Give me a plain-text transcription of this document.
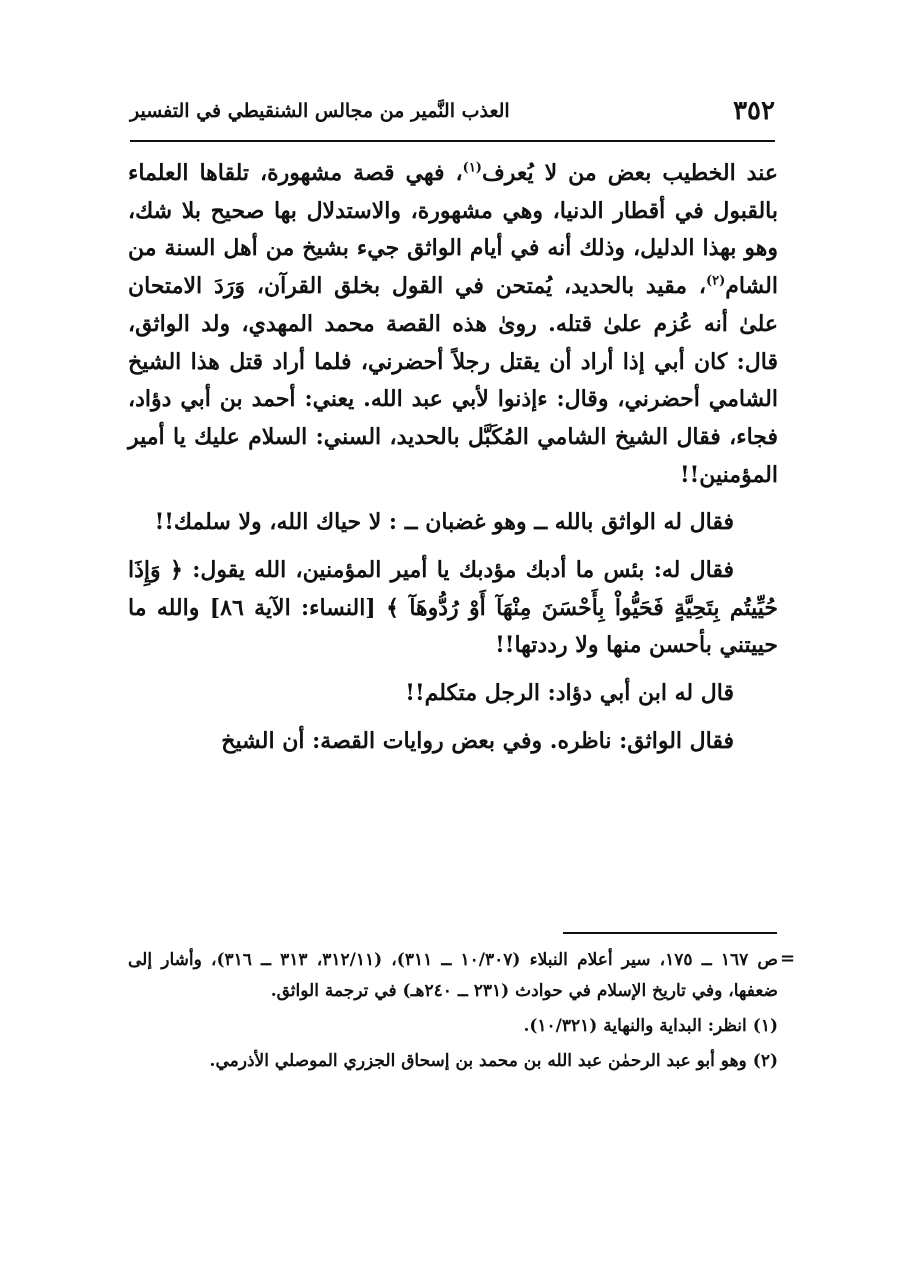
٣٥٢
العذب النَّمير من مجالس الشنقيطي في التفسير

عند الخطيب بعض من لا يُعرف$^{(١)}$، فهي قصة مشهورة، تلقاها العلماء بالقبول في أقطار الدنيا، وهي مشهورة، والاستدلال بها صحيح بلا شك، وهو بهذا الدليل، وذلك أنه في أيام الواثق جيء بشيخ من أهل السنة من الشام$^{(٢)}$، مقيد بالحديد، يُمتحن في القول بخلق القرآن، وَرَدَ الامتحان علىٰ أنه عُزم علىٰ قتله. روىٰ هذه القصة محمد المهدي، ولد الواثق، قال: كان أبي إذا أراد أن يقتل رجلاً أحضرني، فلما أراد قتل هذا الشيخ الشامي أحضرني، وقال: ءإذنوا لأبي عبد الله. يعني: أحمد بن أبي دؤاد، فجاء، فقال الشيخ الشامي المُكَبَّل بالحديد، السني: السلام عليك يا أمير المؤمنين!!

فقال له الواثق بالله ــ وهو غضبان ــ : لا حياك الله، ولا سلمك!!

فقال له: بئس ما أدبك مؤدبك يا أمير المؤمنين، الله يقول: ﴿ وَإِذَا حُيِّيتُم بِتَحِيَّةٍ فَحَيُّواْ بِأَحْسَنَ مِنْهَآ أَوْ رُدُّوهَآ ﴾ [النساء: الآية ٨٦] والله ما حييتني بأحسن منها ولا رددتها!!

قال له ابن أبي دؤاد: الرجل متكلم!!

فقال الواثق: ناظره. وفي بعض روايات القصة: أن الشيخ

=

ص ١٦٧ ــ ١٧٥، سير أعلام النبلاء (١٠/٣٠٧ ــ ٣١١)، (٣١٢/١١، ٣١٣ ــ ٣١٦)، وأشار إلى ضعفها، وفي تاريخ الإسلام في حوادث (٢٣١ ــ ٢٤٠هـ) في ترجمة الواثق.

(١)انظر: البداية والنهاية (١٠/٣٢١).

(٢)وهو أبو عبد الرحمٰن عبد الله بن محمد بن إسحاق الجزري الموصلي الأذرمي.
